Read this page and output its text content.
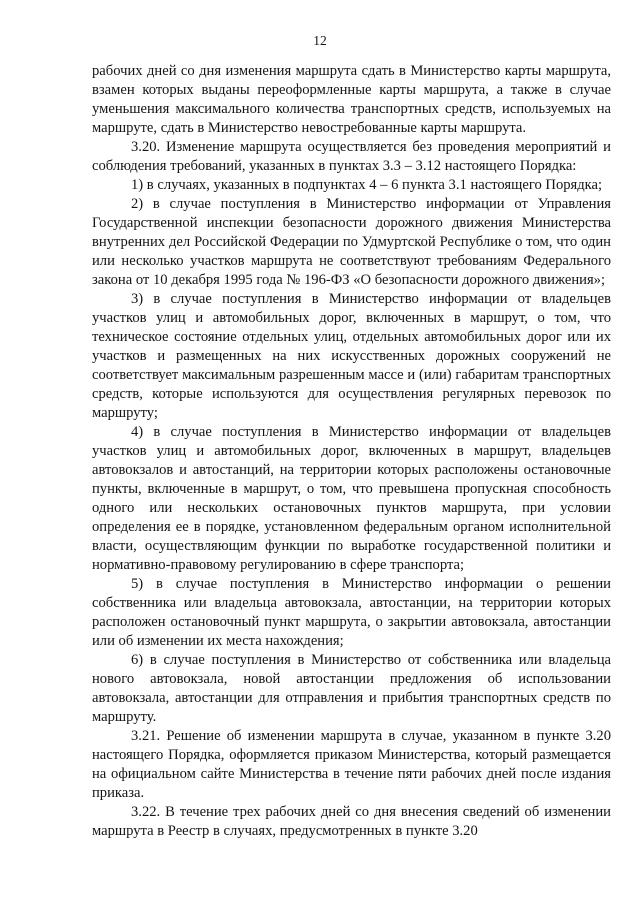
12

рабочих дней со дня изменения маршрута сдать в Министерство карты маршрута, взамен которых выданы переоформленные карты маршрута, а также в случае уменьшения максимального количества транспортных средств, используемых на маршруте, сдать в Министерство невостребованные карты маршрута.

3.20. Изменение маршрута осуществляется без проведения мероприятий и соблюдения требований, указанных в пунктах 3.3 – 3.12 настоящего Порядка:

1) в случаях, указанных в подпунктах 4 – 6 пункта 3.1 настоящего Порядка;

2) в случае поступления в Министерство информации от Управления Государственной инспекции безопасности дорожного движения Министерства внутренних дел Российской Федерации по Удмуртской Республике о том, что один или несколько участков маршрута не соответствуют требованиям Федерального закона от 10 декабря 1995 года № 196-ФЗ «О безопасности дорожного движения»;

3) в случае поступления в Министерство информации от владельцев участков улиц и автомобильных дорог, включенных в маршрут, о том, что техническое состояние отдельных улиц, отдельных автомобильных дорог или их участков и размещенных на них искусственных дорожных сооружений не соответствует максимальным разрешенным массе и (или) габаритам транспортных средств, которые используются для осуществления регулярных перевозок по маршруту;

4) в случае поступления в Министерство информации от владельцев участков улиц и автомобильных дорог, включенных в маршрут, владельцев автовокзалов и автостанций, на территории которых расположены остановочные пункты, включенные в маршрут, о том, что превышена пропускная способность одного или нескольких остановочных пунктов маршрута, при условии определения ее в порядке, установленном федеральным органом исполнительной власти, осуществляющим функции по выработке государственной политики и нормативно-правовому регулированию в сфере транспорта;

5) в случае поступления в Министерство информации о решении собственника или владельца автовокзала, автостанции, на территории которых расположен остановочный пункт маршрута, о закрытии автовокзала, автостанции или об изменении их места нахождения;

6) в случае поступления в Министерство от собственника или владельца нового автовокзала, новой автостанции предложения об использовании автовокзала, автостанции для отправления и прибытия транспортных средств по маршруту.

3.21. Решение об изменении маршрута в случае, указанном в пункте 3.20 настоящего Порядка, оформляется приказом Министерства, который размещается на официальном сайте Министерства в течение пяти рабочих дней после издания приказа.

3.22. В течение трех рабочих дней со дня внесения сведений об изменении маршрута в Реестр в случаях, предусмотренных в пункте 3.20
